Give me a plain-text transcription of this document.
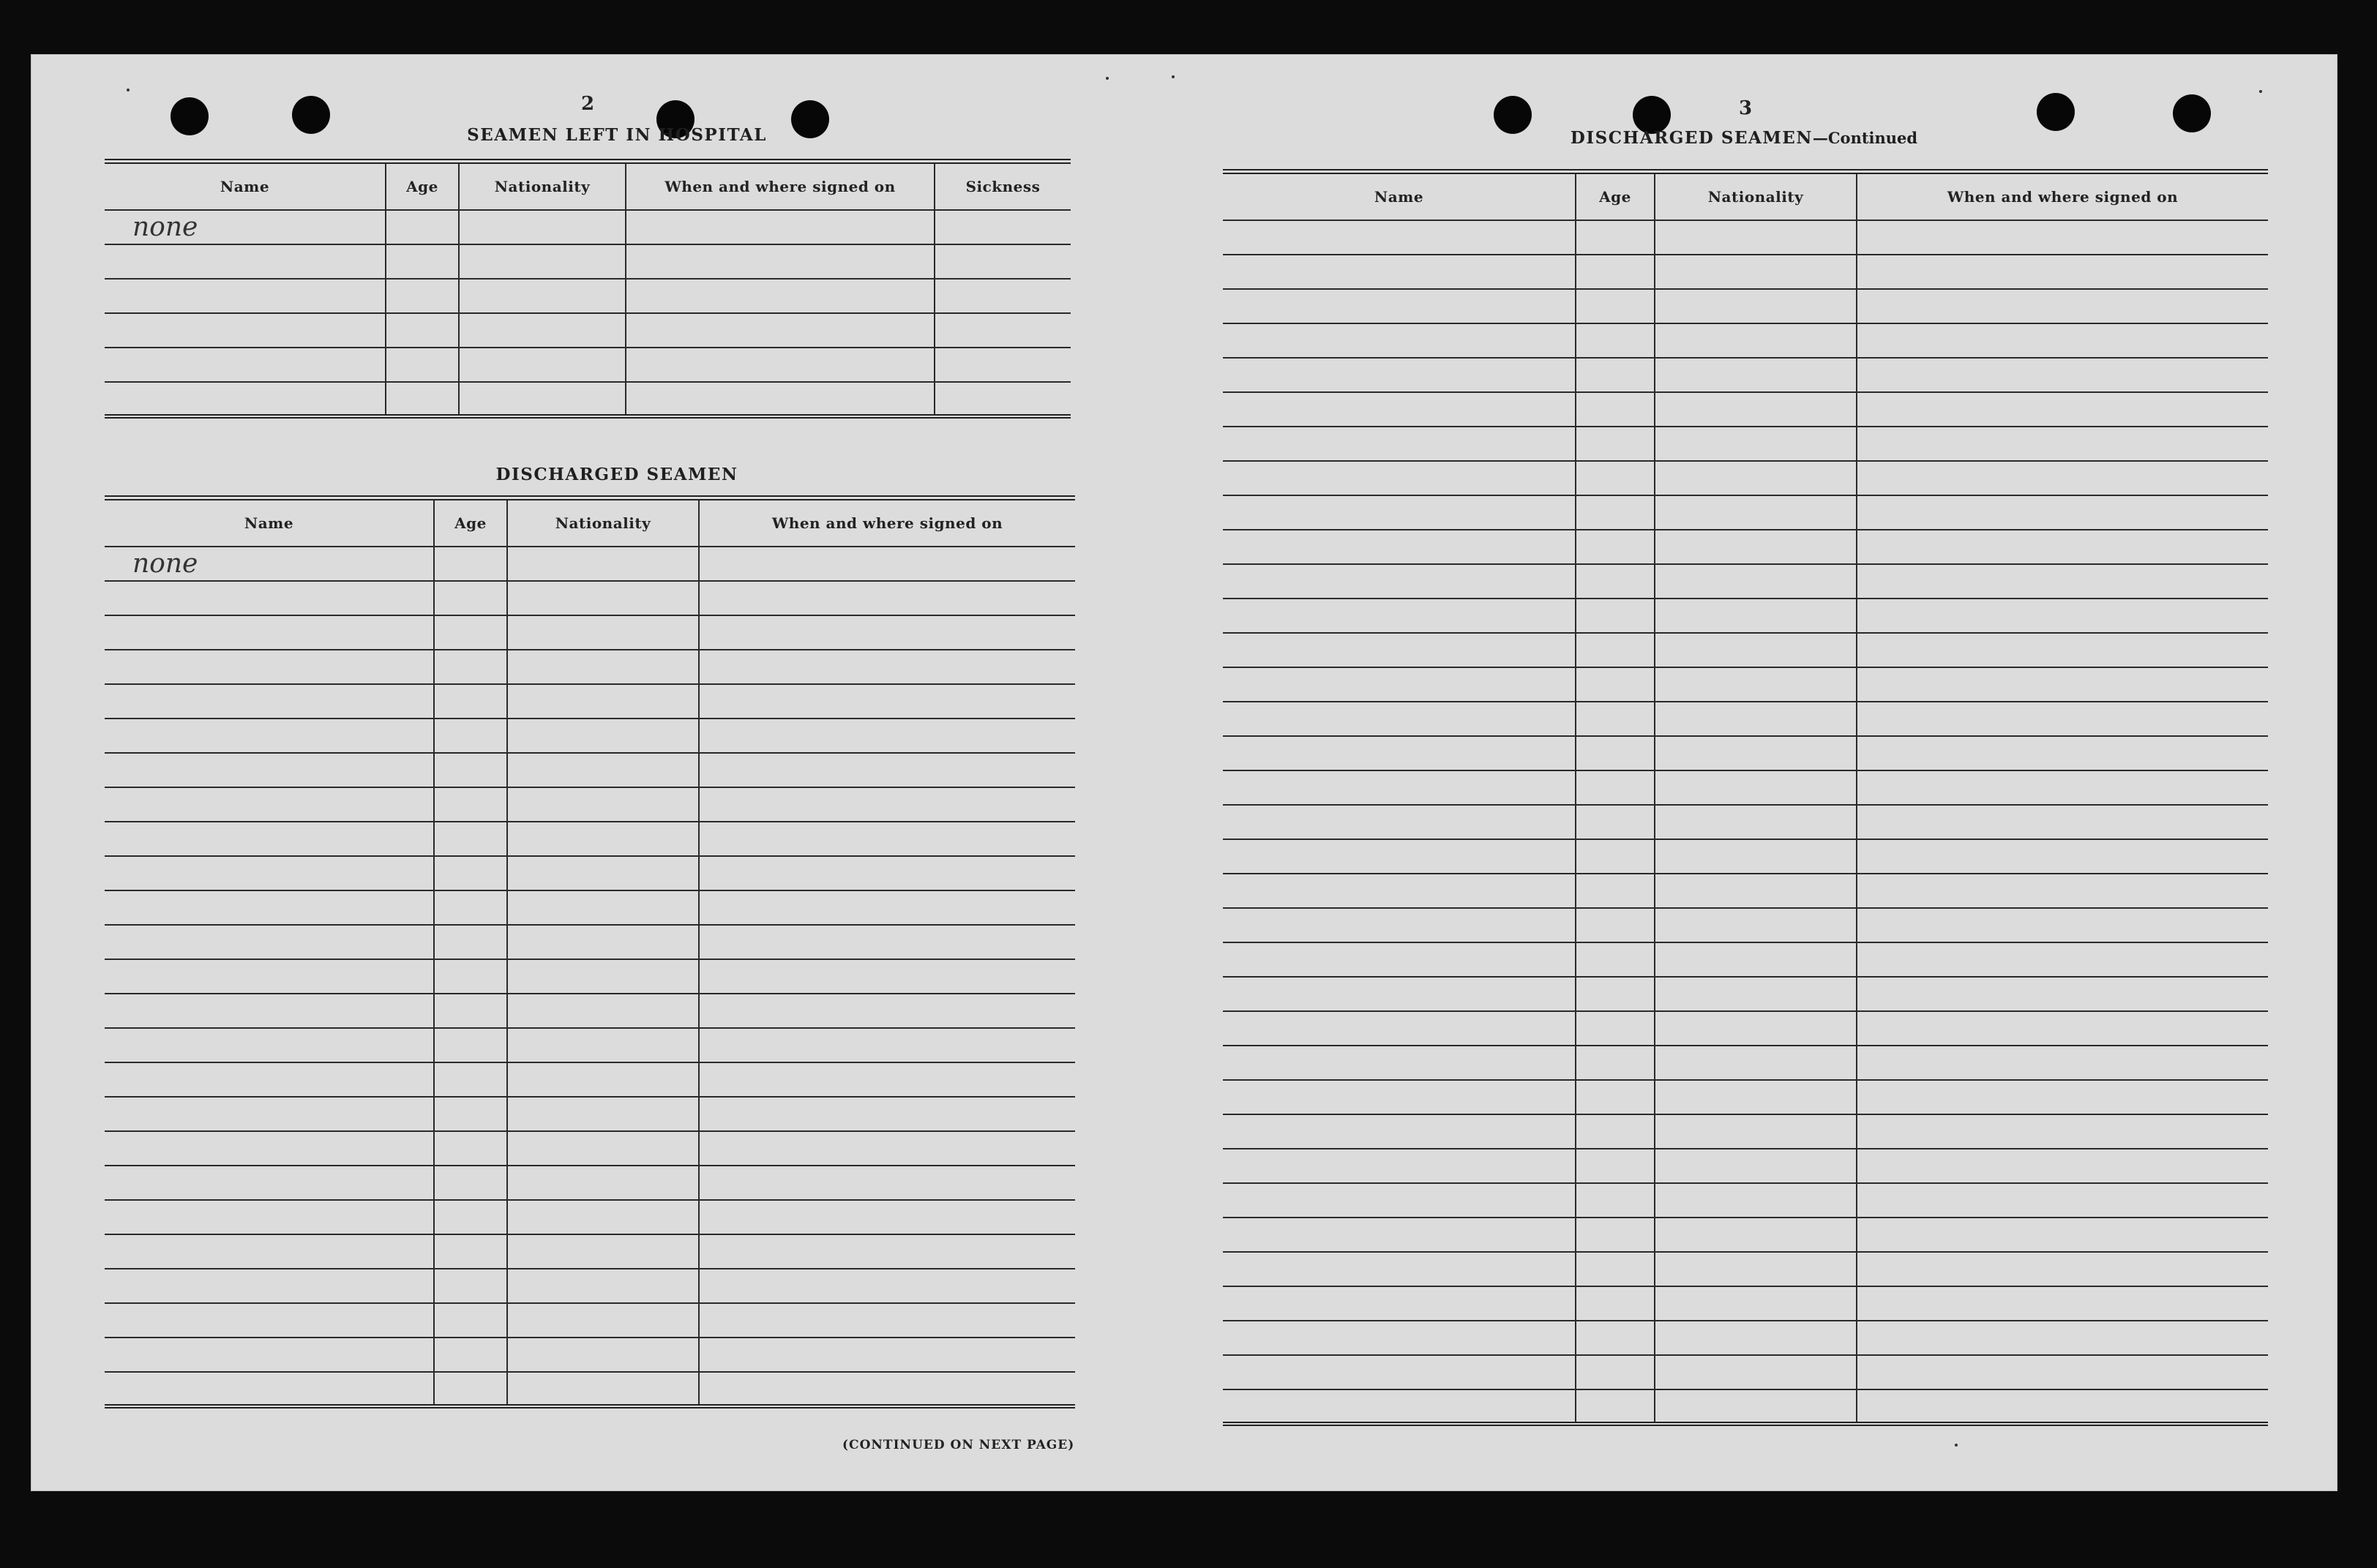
2
SEAMEN LEFT IN HOSPITAL
Name	Age	Nationality	When and where signed on	Sickness
none				

DISCHARGED SEAMEN
Name	Age	Nationality	When and where signed on
none			

(CONTINUED ON NEXT PAGE)
3
DISCHARGED SEAMEN—Continued
Name	Age	Nationality	When and where signed on
